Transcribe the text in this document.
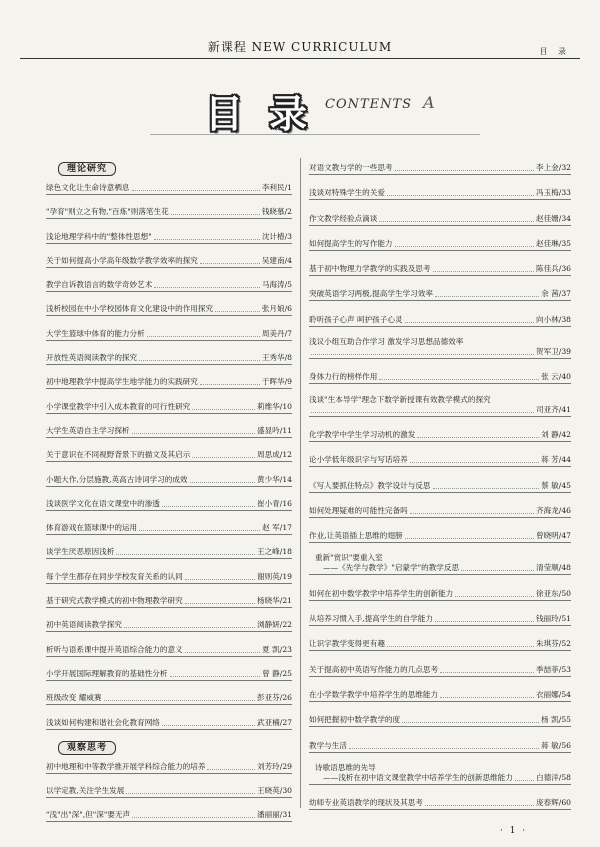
新课程 NEW CURRICULUM	目 录
目录
CONTENTS A
理论研究
绿色文化让生命诗意栖息	李利民/1
"孕育"则立之有物,"百炼"则落笔生花	钱晓慕/2
浅论地理学科中的"整体性思想"	沈计椿/3
关于如何提高小学高年级数学教学效率的探究	吴建南/4
教学自诉教语言的数学奇妙艺术	马海涛/5
浅析校园在中小学校园体育文化建设中的作用探究	张月娘/6
大学生篮球中体育的能力分析	周美丹/7
开放性英语阅读教学的探究	王秀华/8
初中地理教学中提高学生地学能力的实践研究	于晖华/9
小学课堂教学中引入成本教育的可行性研究	莉维华/10
大学生英语自主学习探析	盛显吟/11
关于意识在不同视野背景下的描文及其启示	周思成/12
小题大作,分层施教,英高古诗词学习的成效	黄少华/14
浅谈医学文化在语文课堂中的渗透	崔小青/16
体育游戏在篮球课中的运用	赵 军/17
谈学生厌恶原因浅析	王之峰/18
每个学生都存在同步学校发育关系的认同	谢则英/19
基于研究式教学模式的初中物理教学研究	杨晓华/21
初中英语阅读教学探究	浏静妍/22
析听与语系课中提升英语综合能力的意义	夏 凯/23
小学开展国际理解教育的基础性分析	曾 静/25
班级改变 耀威赛	彭亚芬/26
浅谈如何构建和谐社会化教育网络	武亚楠/27
观察思考
初中地理和中等教学推开展学科综合能力的培养	刘芳玲/29
以学定教,关注学生发展	王晓英/30
"浅"出"深",但"深"要无声	潘丽丽/31
对语文教与学的一些思考	李上金/32
浅谈对特殊学生的关爱	冯玉梅/33
作文教学经验点滴谈	赵佳姗/34
如何提高学生的写作能力	赵佳琳/35
基于初中物理力学教学的实践及思考	陈佳兵/36
突破英语学习两极,提高学生学习效率	余 茜/37
聆听孩子心声 呵护孩子心灵	向小林/38
浅议小组互助合作学习 激发学习思想品德效率
贺军卫/39
身体力行的榜样作用	张 云/40
浅谈"生本导学"理念下数学新授课有效教学模式的探究
司亚齐/41
化学教学中学生学习动机的激发	刘 静/42
论小学低年级识字与写话培养	蒋 芳/44
《写人要抓住特点》教学设计与反思	蔡 敏/45
如何处理疑难的可能性完备吗	齐海龙/46
作业,让英语插上思维的翅膀	曾晓明/47
重新"赏识"要重入室
——《先学与教学》"启蒙学"的教学反思	清莹顺/48
如何在初中数学教学中培养学生的创新能力	徐亚东/50
从培养习惯入手,提高学生的自学能力	钱丽玲/51
让识字教学变得更有趣	朱琪芬/52
关于提高初中英语写作能力的几点思考	季喆菲/53
在小学数学教学中培养学生的思维能力	衣丽娜/54
如何把握初中数学教学的度	杨 凯/55
教学与生活	蒋 敏/56
诗歌语思维的先导
——浅析在初中语文课堂教学中培养学生的创新思维能力	白德洋/58
幼师专业英语教学的现状及其思考	庞春辉/60
· 1 ·
